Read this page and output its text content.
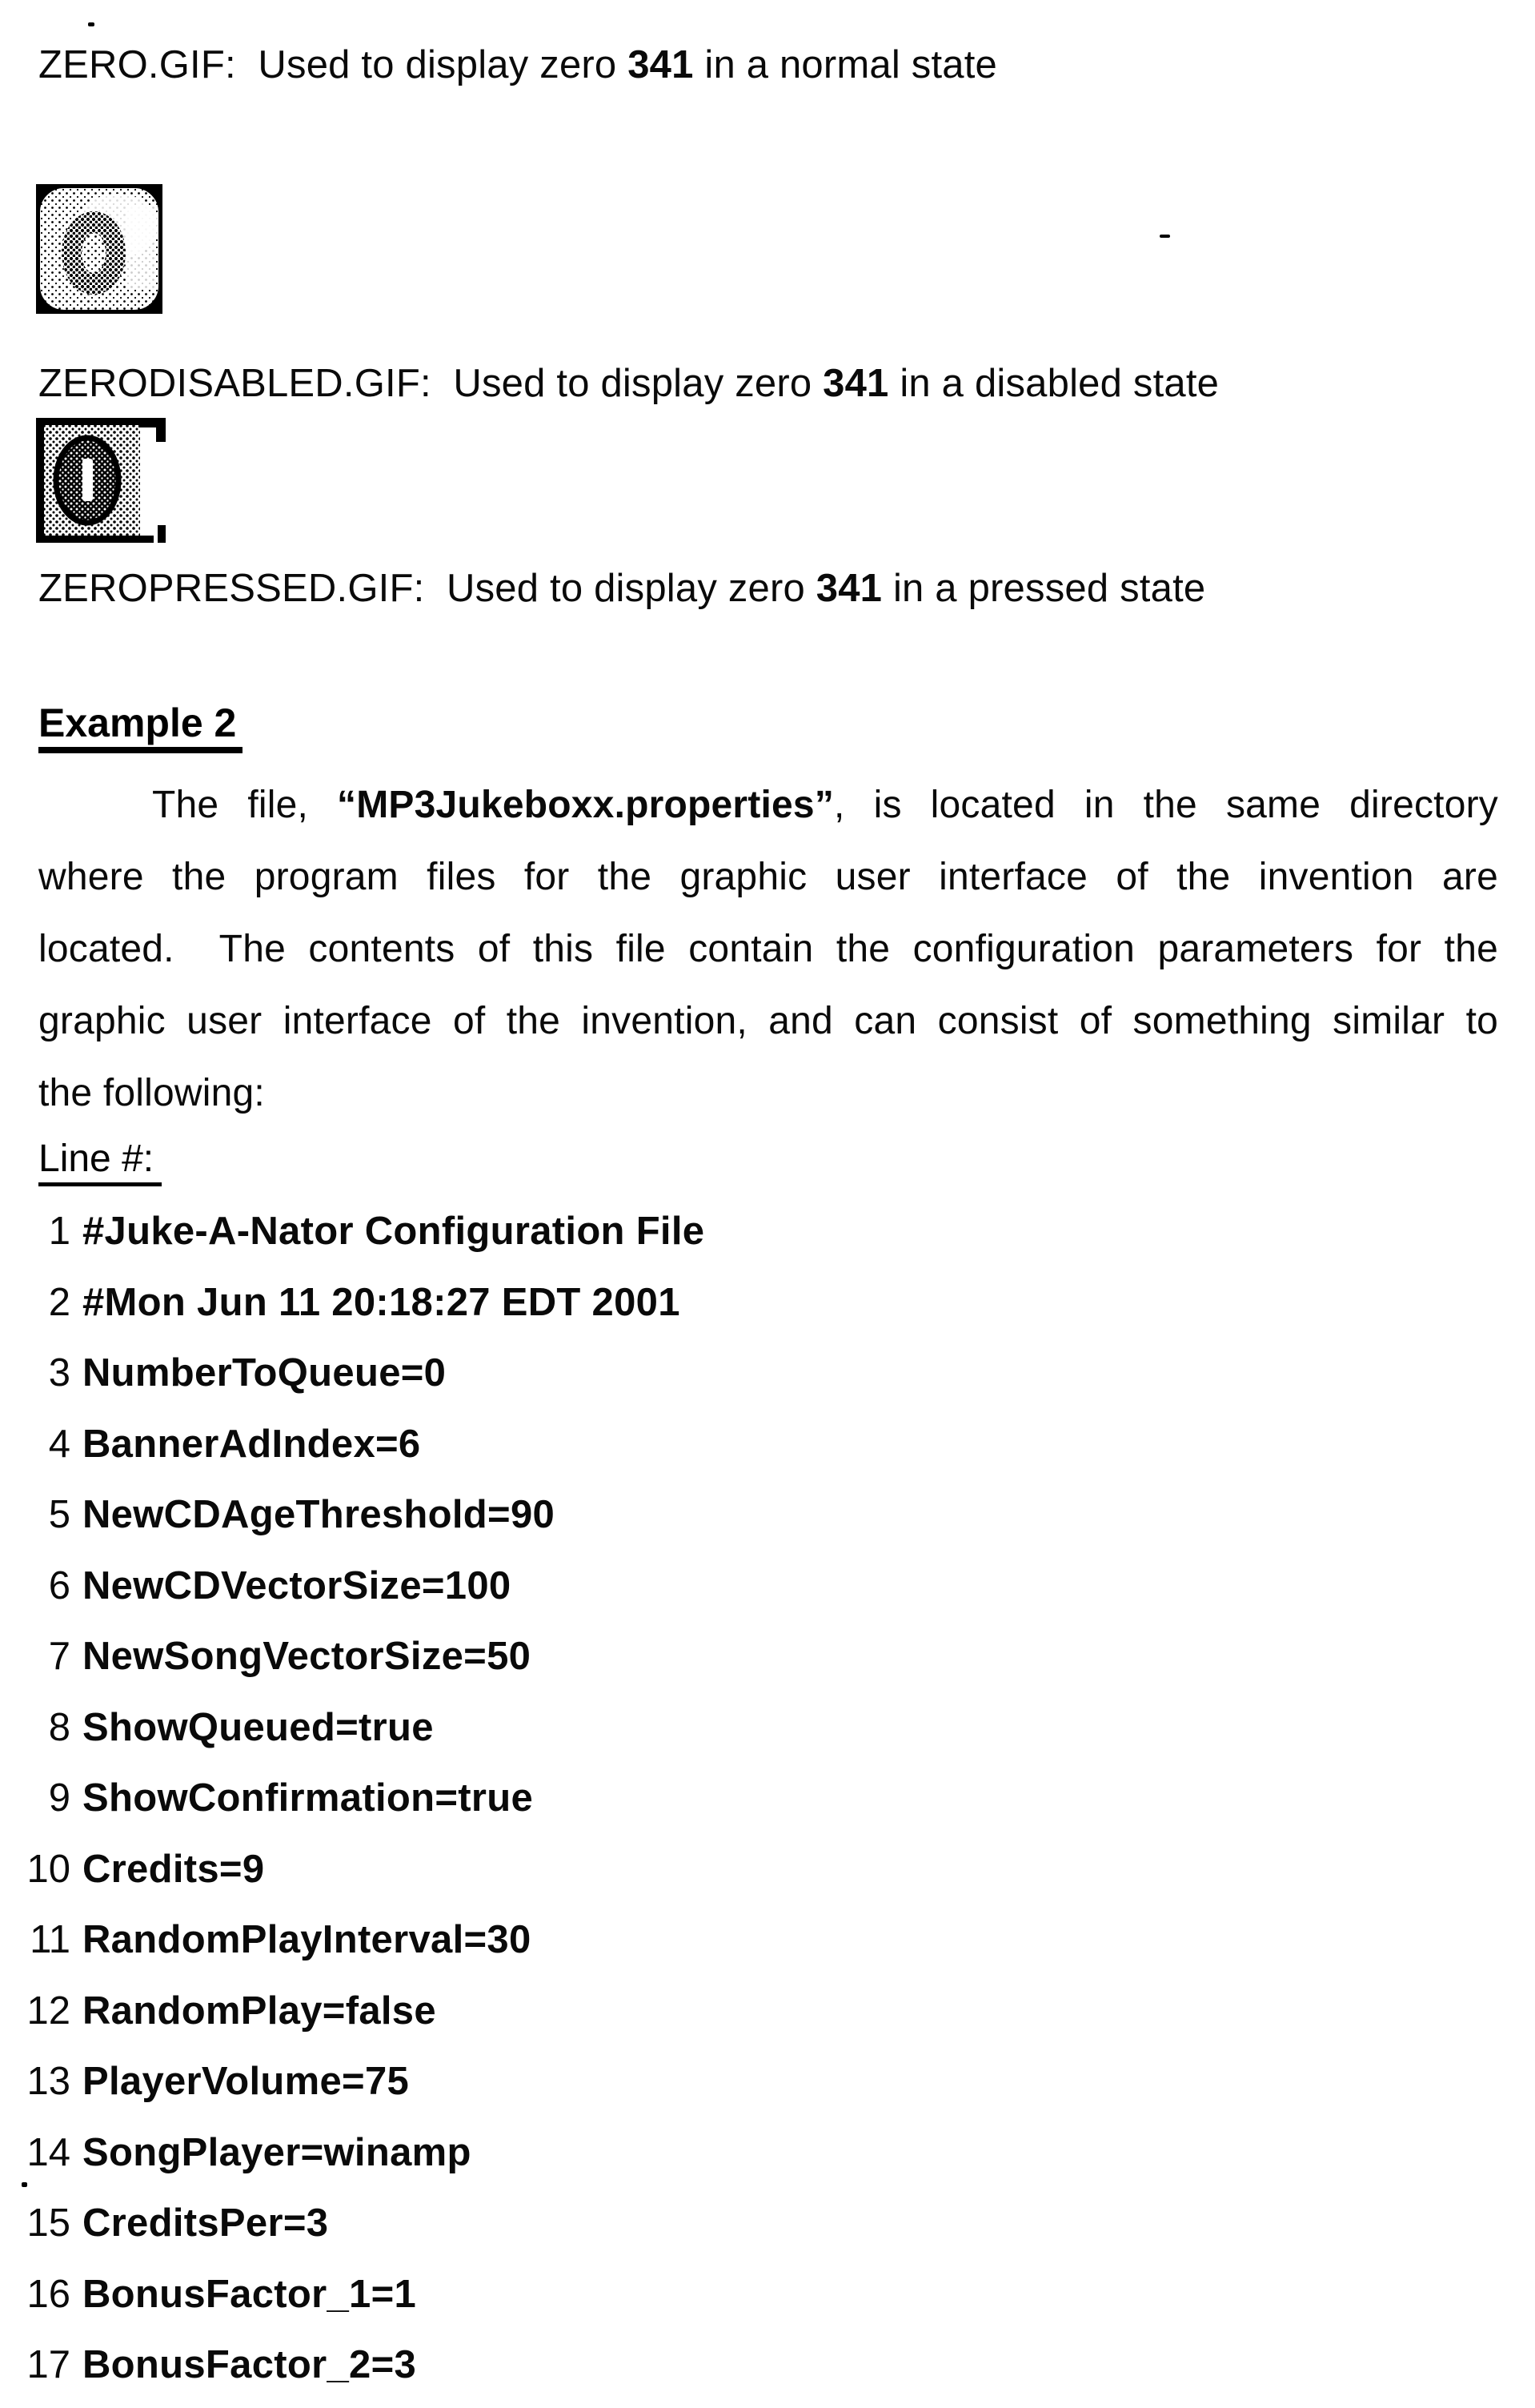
ZERO.GIF:  Used to display zero 341 in a normal state
ZERODISABLED.GIF:  Used to display zero 341 in a disabled state
ZEROPRESSED.GIF:  Used to display zero 341 in a pressed state
Example 2
The file, “MP3Jukeboxx.properties”, is located in the same directory
where the program files for the graphic user interface of the invention are
located.  The contents of this file contain the configuration parameters for the
graphic user interface of the invention, and can consist of something similar to
the following:
Line #:
1 #Juke-A-Nator Configuration File
2 #Mon Jun 11 20:18:27 EDT 2001
3 NumberToQueue=0
4 BannerAdIndex=6
5 NewCDAgeThreshold=90
6 NewCDVectorSize=100
7 NewSongVectorSize=50
8 ShowQueued=true
9 ShowConfirmation=true
10 Credits=9
11 RandomPlayInterval=30
12 RandomPlay=false
13 PlayerVolume=75
14 SongPlayer=winamp
15 CreditsPer=3
16 BonusFactor_1=1
17 BonusFactor_2=3
